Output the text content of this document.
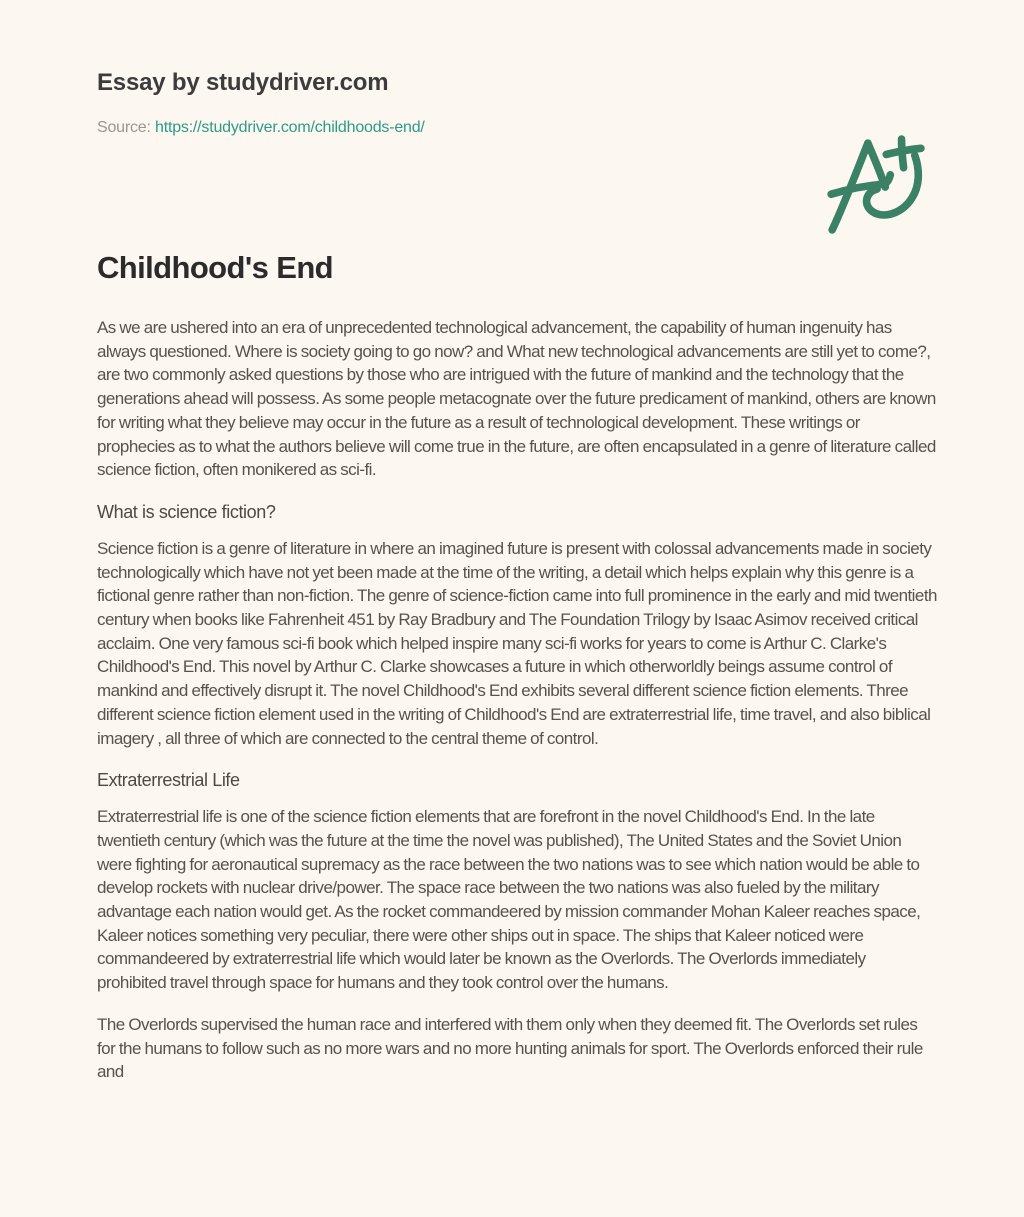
Essay by studydriver.com
Source: https://studydriver.com/childhoods-end/
Childhood's End

As we are ushered into an era of unprecedented technological advancement, the capability of human ingenuity has always questioned. Where is society going to go now? and What new technological advancements are still yet to come?, are two commonly asked questions by those who are intrigued with the future of mankind and the technology that the generations ahead will possess. As some people metacognate over the future predicament of mankind, others are known for writing what they believe may occur in the future as a result of technological development. These writings or prophecies as to what the authors believe will come true in the future, are often encapsulated in a genre of literature called science fiction, often monikered as sci-fi.

What is science fiction?

Science fiction is a genre of literature in where an imagined future is present with colossal advancements made in society technologically which have not yet been made at the time of the writing, a detail which helps explain why this genre is a fictional genre rather than non-fiction. The genre of science-fiction came into full prominence in the early and mid twentieth century when books like Fahrenheit 451 by Ray Bradbury and The Foundation Trilogy by Isaac Asimov received critical acclaim. One very famous sci-fi book which helped inspire many sci-fi works for years to come is Arthur C. Clarke's Childhood's End. This novel by Arthur C. Clarke showcases a future in which otherworldly beings assume control of mankind and effectively disrupt it. The novel Childhood's End exhibits several different science fiction elements. Three different science fiction element used in the writing of Childhood's End are extraterrestrial life, time travel, and also biblical imagery , all three of which are connected to the central theme of control.

Extraterrestrial Life

Extraterrestrial life is one of the science fiction elements that are forefront in the novel Childhood's End. In the late twentieth century (which was the future at the time the novel was published), The United States and the Soviet Union were fighting for aeronautical supremacy as the race between the two nations was to see which nation would be able to develop rockets with nuclear drive/power. The space race between the two nations was also fueled by the military advantage each nation would get. As the rocket commandeered by mission commander Mohan Kaleer reaches space, Kaleer notices something very peculiar, there were other ships out in space. The ships that Kaleer noticed were commandeered by extraterrestrial life which would later be known as the Overlords. The Overlords immediately prohibited travel through space for humans and they took control over the humans.

The Overlords supervised the human race and interfered with them only when they deemed fit. The Overlords set rules for the humans to follow such as no more wars and no more hunting animals for sport. The Overlords enforced their rule and
